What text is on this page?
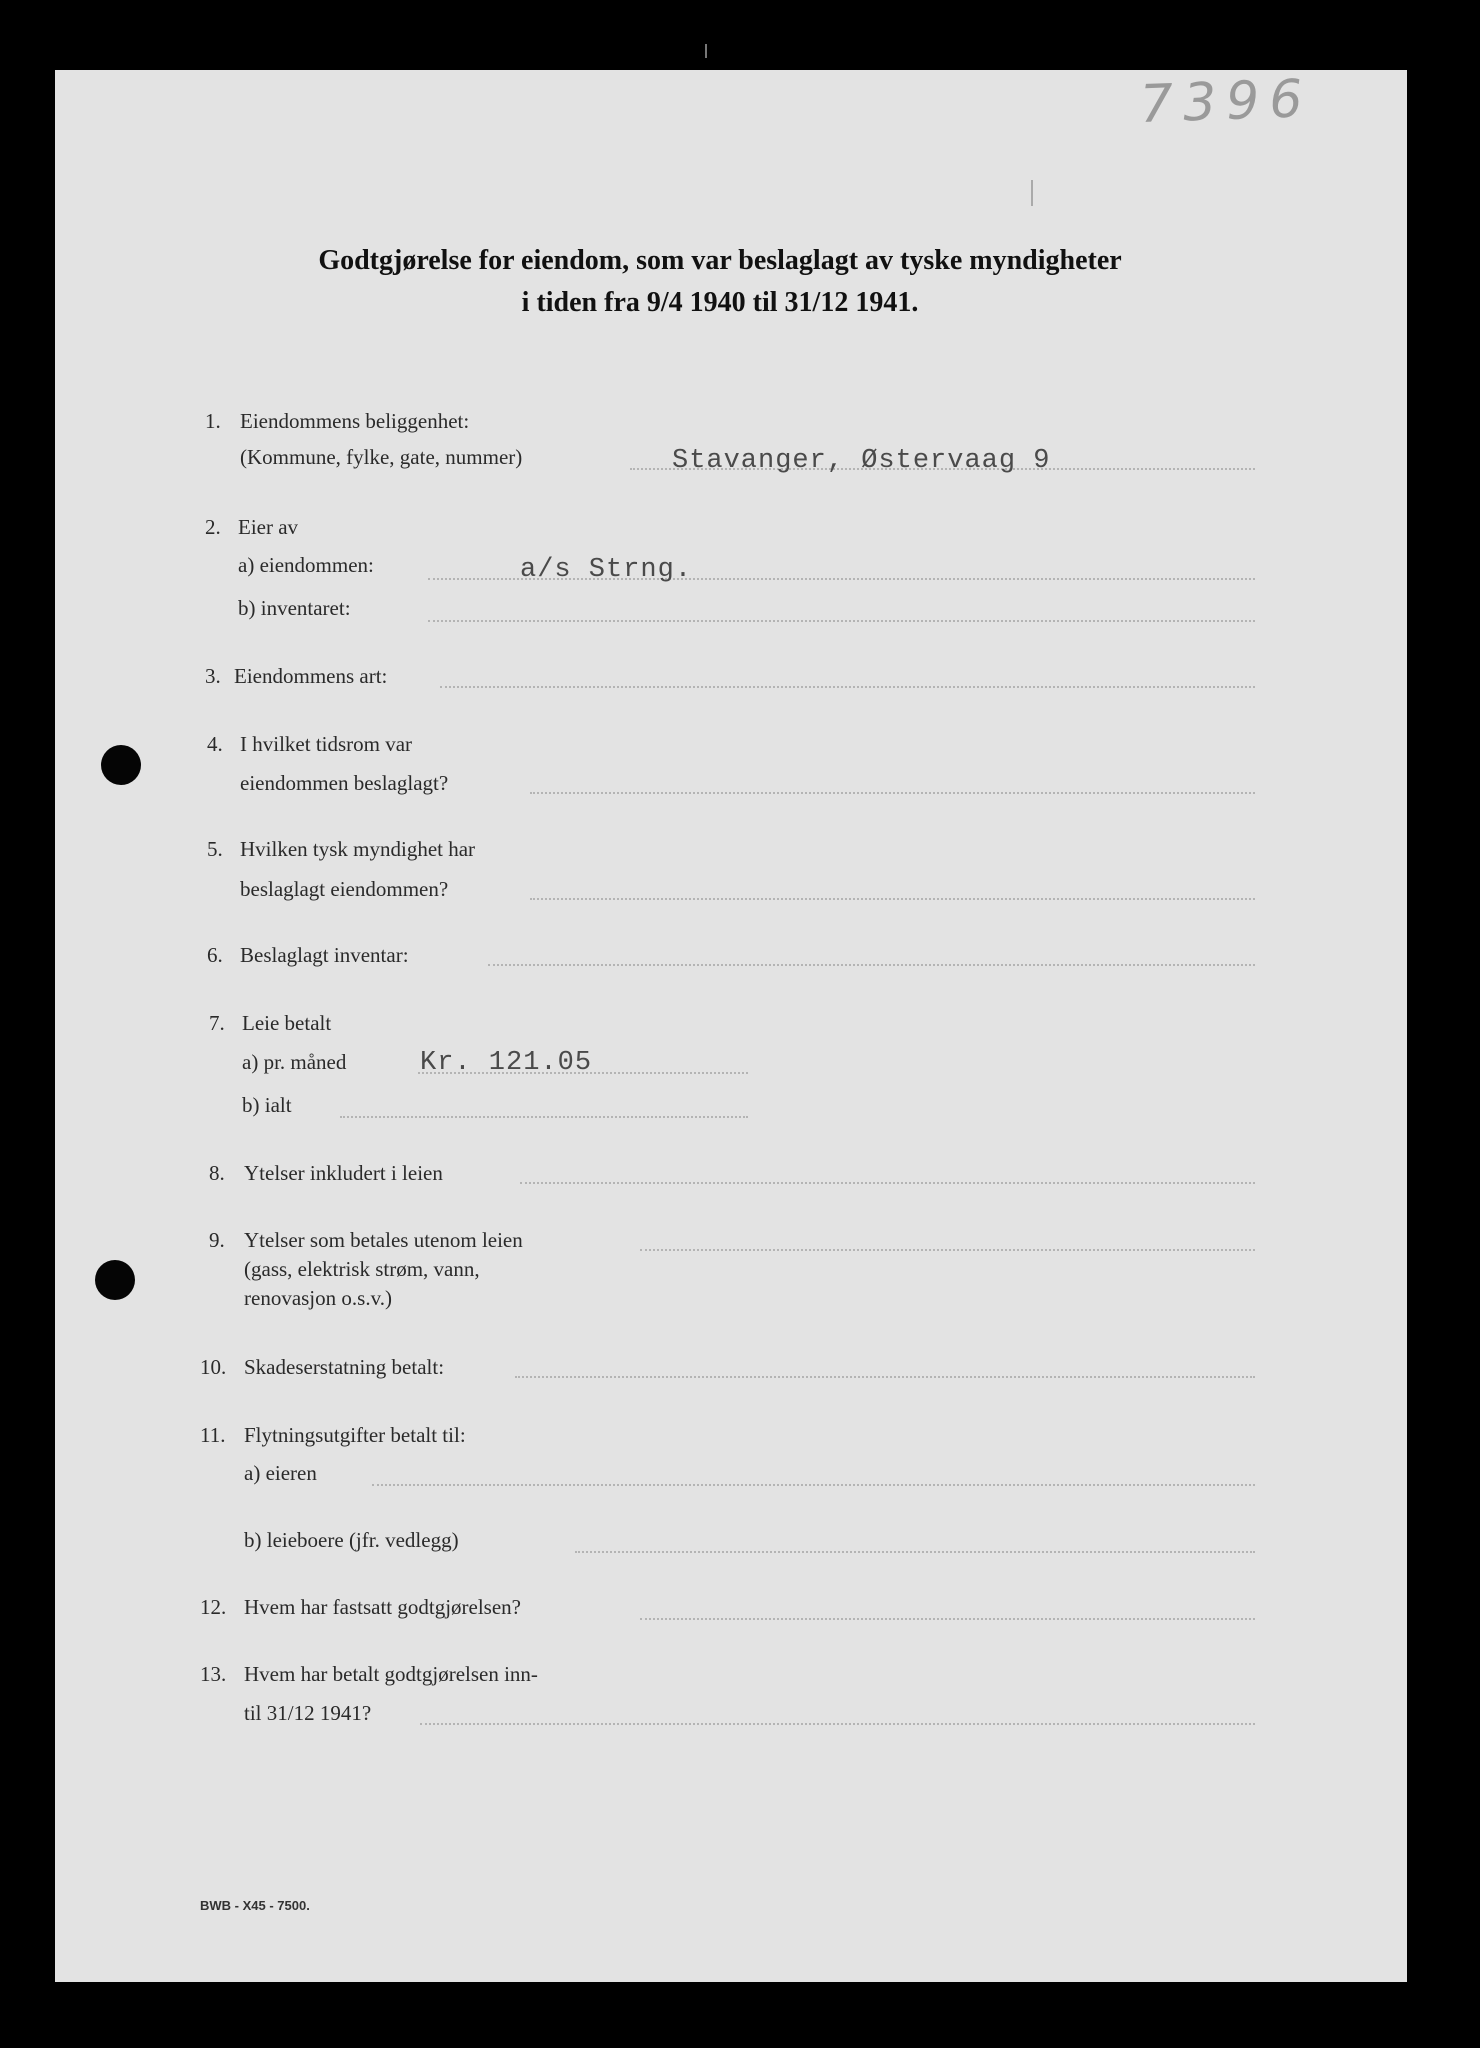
7396
Godtgjørelse for eiendom, som var beslaglagt av tyske myndigheter
i tiden fra 9/4 1940 til 31/12 1941.
1. Eiendommens beliggenhet:
(Kommune, fylke, gate, nummer)	Stavanger, Østervaag 9
2. Eier av
a) eiendommen:	a/s Strng.
b) inventaret:
3. Eiendommens art:
4. I hvilket tidsrom var
eiendommen beslaglagt?
5. Hvilken tysk myndighet har
beslaglagt eiendommen?
6. Beslaglagt inventar:
7. Leie betalt
a) pr. måned	Kr. 121.05
b) ialt
8. Ytelser inkludert i leien
9. Ytelser som betales utenom leien
(gass, elektrisk strøm, vann,
renovasjon o.s.v.)
10. Skadeserstatning betalt:
11. Flytningsutgifter betalt til:
a) eieren
b) leieboere (jfr. vedlegg)
12. Hvem har fastsatt godtgjørelsen?
13. Hvem har betalt godtgjørelsen inn-
til 31/12 1941?
BWB - X45 - 7500.
